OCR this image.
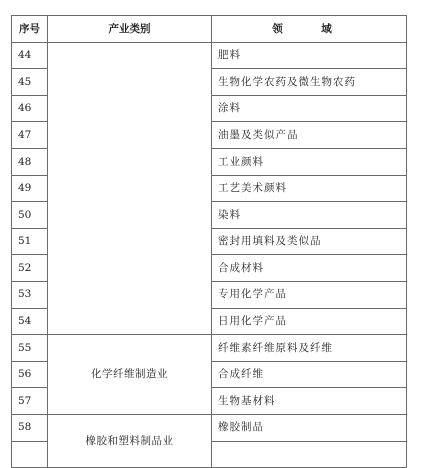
序号	产业类别	领　域
44		肥料
45		生物化学农药及微生物农药
46		涂料
47		油墨及类似产品
48		工业颜料
49		工艺美术颜料
50		染料
51		密封用填料及类似品
52		合成材料
53		专用化学产品
54		日用化学产品
55	化学纤维制造业	纤维素纤维原料及纤维
56		合成纤维
57		生物基材料
58	橡胶和塑料制品业	橡胶制品
